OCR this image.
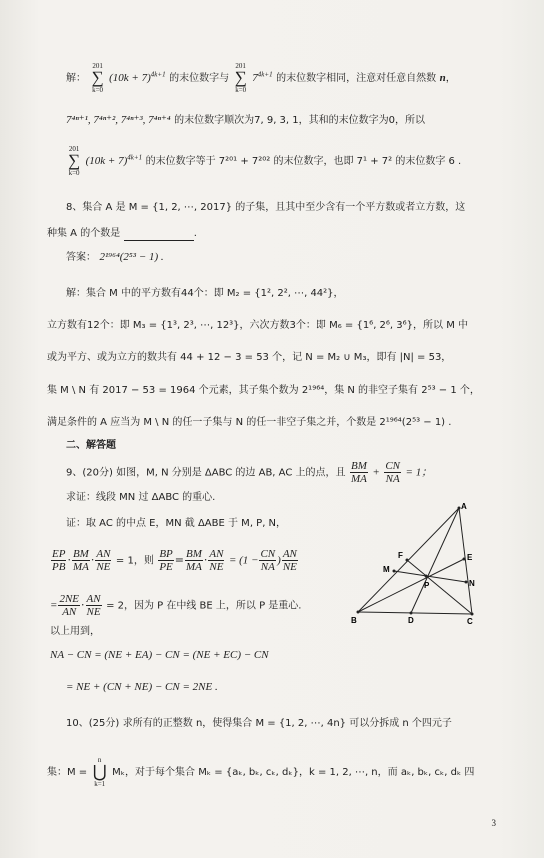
解： 201
∑
k=0 $(10k + 7)^{4k+1}$ 的末位数字与 201
∑
k=0 $7^{4k+1}$ 的末位数字相同，注意对任意自然数 n，
7⁴ⁿ⁺¹, 7⁴ⁿ⁺², 7⁴ⁿ⁺³, 7⁴ⁿ⁺⁴ 的末位数字顺次为7, 9, 3, 1，其和的末位数字为0，所以
201
∑
k=0 $(10k + 7)^{4k+1}$ 的末位数字等于 7²⁰¹ + 7²⁰² 的末位数字，也即 7¹ + 7² 的末位数字 6 .
8、集合 A 是 M = {1, 2, ⋯, 2017} 的子集，且其中至少含有一个平方数或者立方数，这
种集 A 的个数是	.
答案： 2¹⁹⁶⁴(2⁵³ − 1) .
解：集合 M 中的平方数有44个：即 M₂ = {1², 2², ⋯, 44²}，
立方数有12个：即 M₃ = {1³, 2³, ⋯, 12³}，六次方数3个：即 M₆ = {1⁶, 2⁶, 3⁶}，所以 M 中
或为平方、或为立方的数共有 44 + 12 − 3 = 53 个，记 N = M₂ ∪ M₃，即有 |N| = 53，
集 M \ N 有 2017 − 53 = 1964 个元素，其子集个数为 2¹⁹⁶⁴，集 N 的非空子集有 2⁵³ − 1 个，
满足条件的 A 应当为 M \ N 的任一子集与 N 的任一非空子集之并，个数是 2¹⁹⁶⁴(2⁵³ − 1) .
二、解答题
9、(20分) 如图，M, N 分别是 ΔABC 的边 AB, AC 上的点，且 $\frac{BM}{MA} + \frac{CN}{NA} = 1$；
求证：线段 MN 过 ΔABC 的重心.
证：取 AC 的中点 E，MN 截 ΔABE 于 M, P, N，
$\frac{EP}{PB} \cdot \frac{BM}{MA} \cdot \frac{AN}{NE} = 1$，则 $\frac{BP}{PE} = \frac{BM}{MA} \cdot \frac{AN}{NE} = (1 - \frac{CN}{NA}$ ) $\frac{AN}{NE}$
= $\frac{2NE}{AN} \cdot \frac{AN}{NE} = 2$，因为 P 在中线 BE 上，所以 P 是重心.
以上用到，
NA − CN = (NE + EA) − CN = (NE + EC) − CN
= NE + (CN + NE) − CN = 2NE .
A
B	C
D
E
F
M
N
P
10、(25分) 求所有的正整数 n，使得集合 M = {1, 2, ⋯, 4n} 可以分拆成 n 个四元子
集：M = n
⋃
k=1 Mₖ，对于每个集合 Mₖ = {aₖ, bₖ, cₖ, dₖ}，k = 1, 2, ⋯, n，而 aₖ, bₖ, cₖ, dₖ 四
3
